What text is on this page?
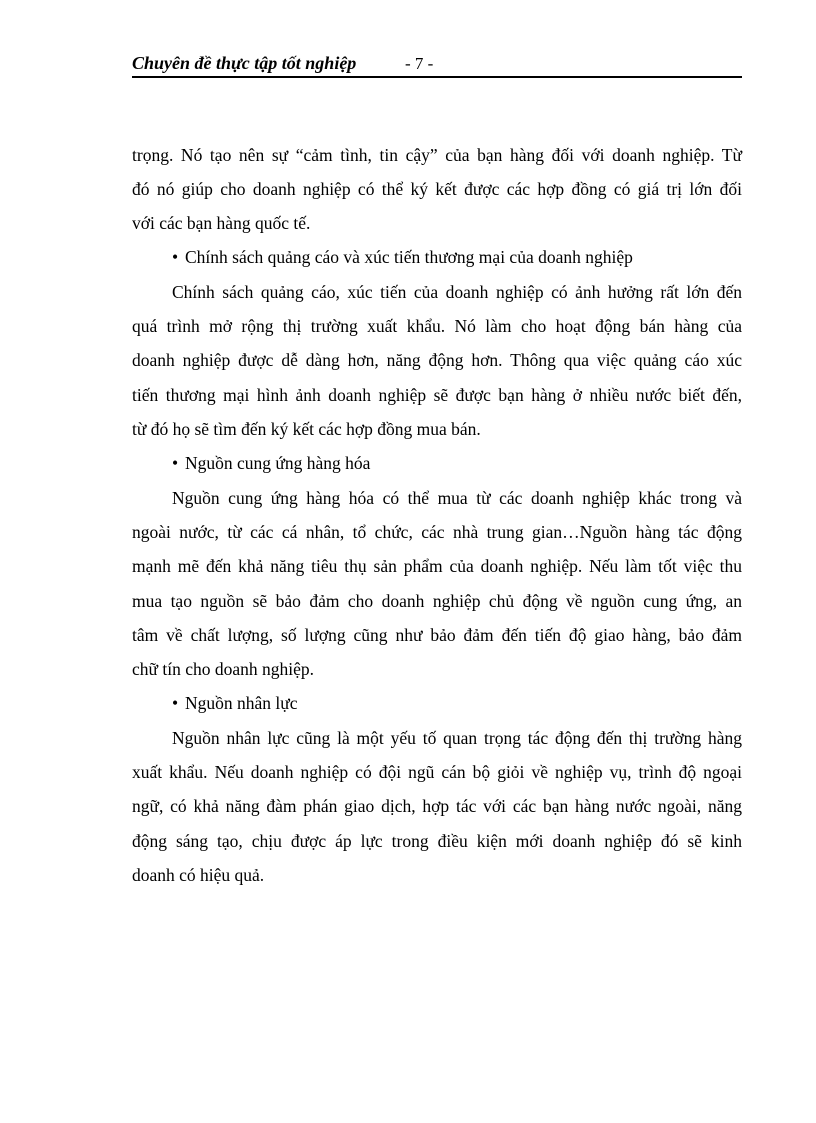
Chuyên đề thực tập tốt nghiệp	- 7 -
trọng. Nó tạo nên sự “cảm tình, tin cậy” của bạn hàng đối với doanh nghiệp. Từ
đó nó giúp cho doanh nghiệp có thể ký kết được các hợp đồng có giá trị lớn đối
với các bạn hàng quốc tế.
• Chính sách quảng cáo và xúc tiến thương mại của doanh nghiệp
Chính sách quảng cáo, xúc tiến của doanh nghiệp có ảnh hưởng rất lớn đến
quá trình mở rộng thị trường xuất khẩu. Nó làm cho hoạt động bán hàng của
doanh nghiệp được dễ dàng hơn, năng động hơn. Thông qua việc quảng cáo xúc
tiến thương mại hình ảnh doanh nghiệp sẽ được bạn hàng ở nhiều nước biết đến,
từ đó họ sẽ tìm đến ký kết các hợp đồng mua bán.
• Nguồn cung ứng hàng hóa
Nguồn cung ứng hàng hóa có thể mua từ các doanh nghiệp khác trong và
ngoài nước, từ các cá nhân, tổ chức, các nhà trung gian…Nguồn hàng tác động
mạnh mẽ đến khả năng tiêu thụ sản phẩm của doanh nghiệp. Nếu làm tốt việc thu
mua tạo nguồn sẽ bảo đảm cho doanh nghiệp chủ động về nguồn cung ứng, an
tâm về chất lượng, số lượng cũng như bảo đảm đến tiến độ giao hàng, bảo đảm
chữ tín cho doanh nghiệp.
• Nguồn nhân lực
Nguồn nhân lực cũng là một yếu tố quan trọng tác động đến thị trường hàng
xuất khẩu. Nếu doanh nghiệp có đội ngũ cán bộ giỏi về nghiệp vụ, trình độ ngoại
ngữ, có khả năng đàm phán giao dịch, hợp tác với các bạn hàng nước ngoài, năng
động sáng tạo, chịu được áp lực trong điều kiện mới doanh nghiệp đó sẽ kinh
doanh có hiệu quả.
